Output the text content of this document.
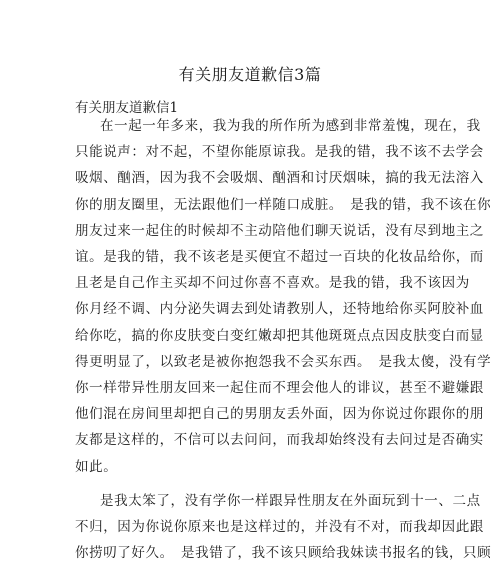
有关朋友道歉信3篇
有关朋友道歉信1
在一起一年多来，我为我的所作所为感到非常羞愧，现在，我
只能说声：对不起，不望你能原谅我。是我的错，我不该不去学会
吸烟、酗酒，因为我不会吸烟、酗酒和讨厌烟味，搞的我无法溶入
你的朋友圈里，无法跟他们一样随口成脏。　是我的错，我不该在你
朋友过来一起住的时候却不主动陪他们聊天说话，没有尽到地主之
谊。是我的错，我不该老是买便宜不超过一百块的化妆品给你，而
且老是自己作主买却不问过你喜不喜欢。是我的错，我不该因为
你月经不调、内分泌失调去到处请教别人，还特地给你买阿胶补血
给你吃，搞的你皮肤变白变红嫩却把其他斑斑点点因皮肤变白而显
得更明显了，以致老是被你抱怨我不会买东西。　是我太傻，没有学
你一样带异性朋友回来一起住而不理会他人的诽议，甚至不避嫌跟
他们混在房间里却把自己的男朋友丢外面，因为你说过你跟你的朋
友都是这样的，不信可以去问问，而我却始终没有去问过是否确实
如此。
是我太笨了，没有学你一样跟异性朋友在外面玩到十一、二点
不归，因为你说你原来也是这样过的，并没有不对，而我却因此跟
你捞叨了好久。　是我错了，我不该只顾给我妹读书报名的钱，只顾
